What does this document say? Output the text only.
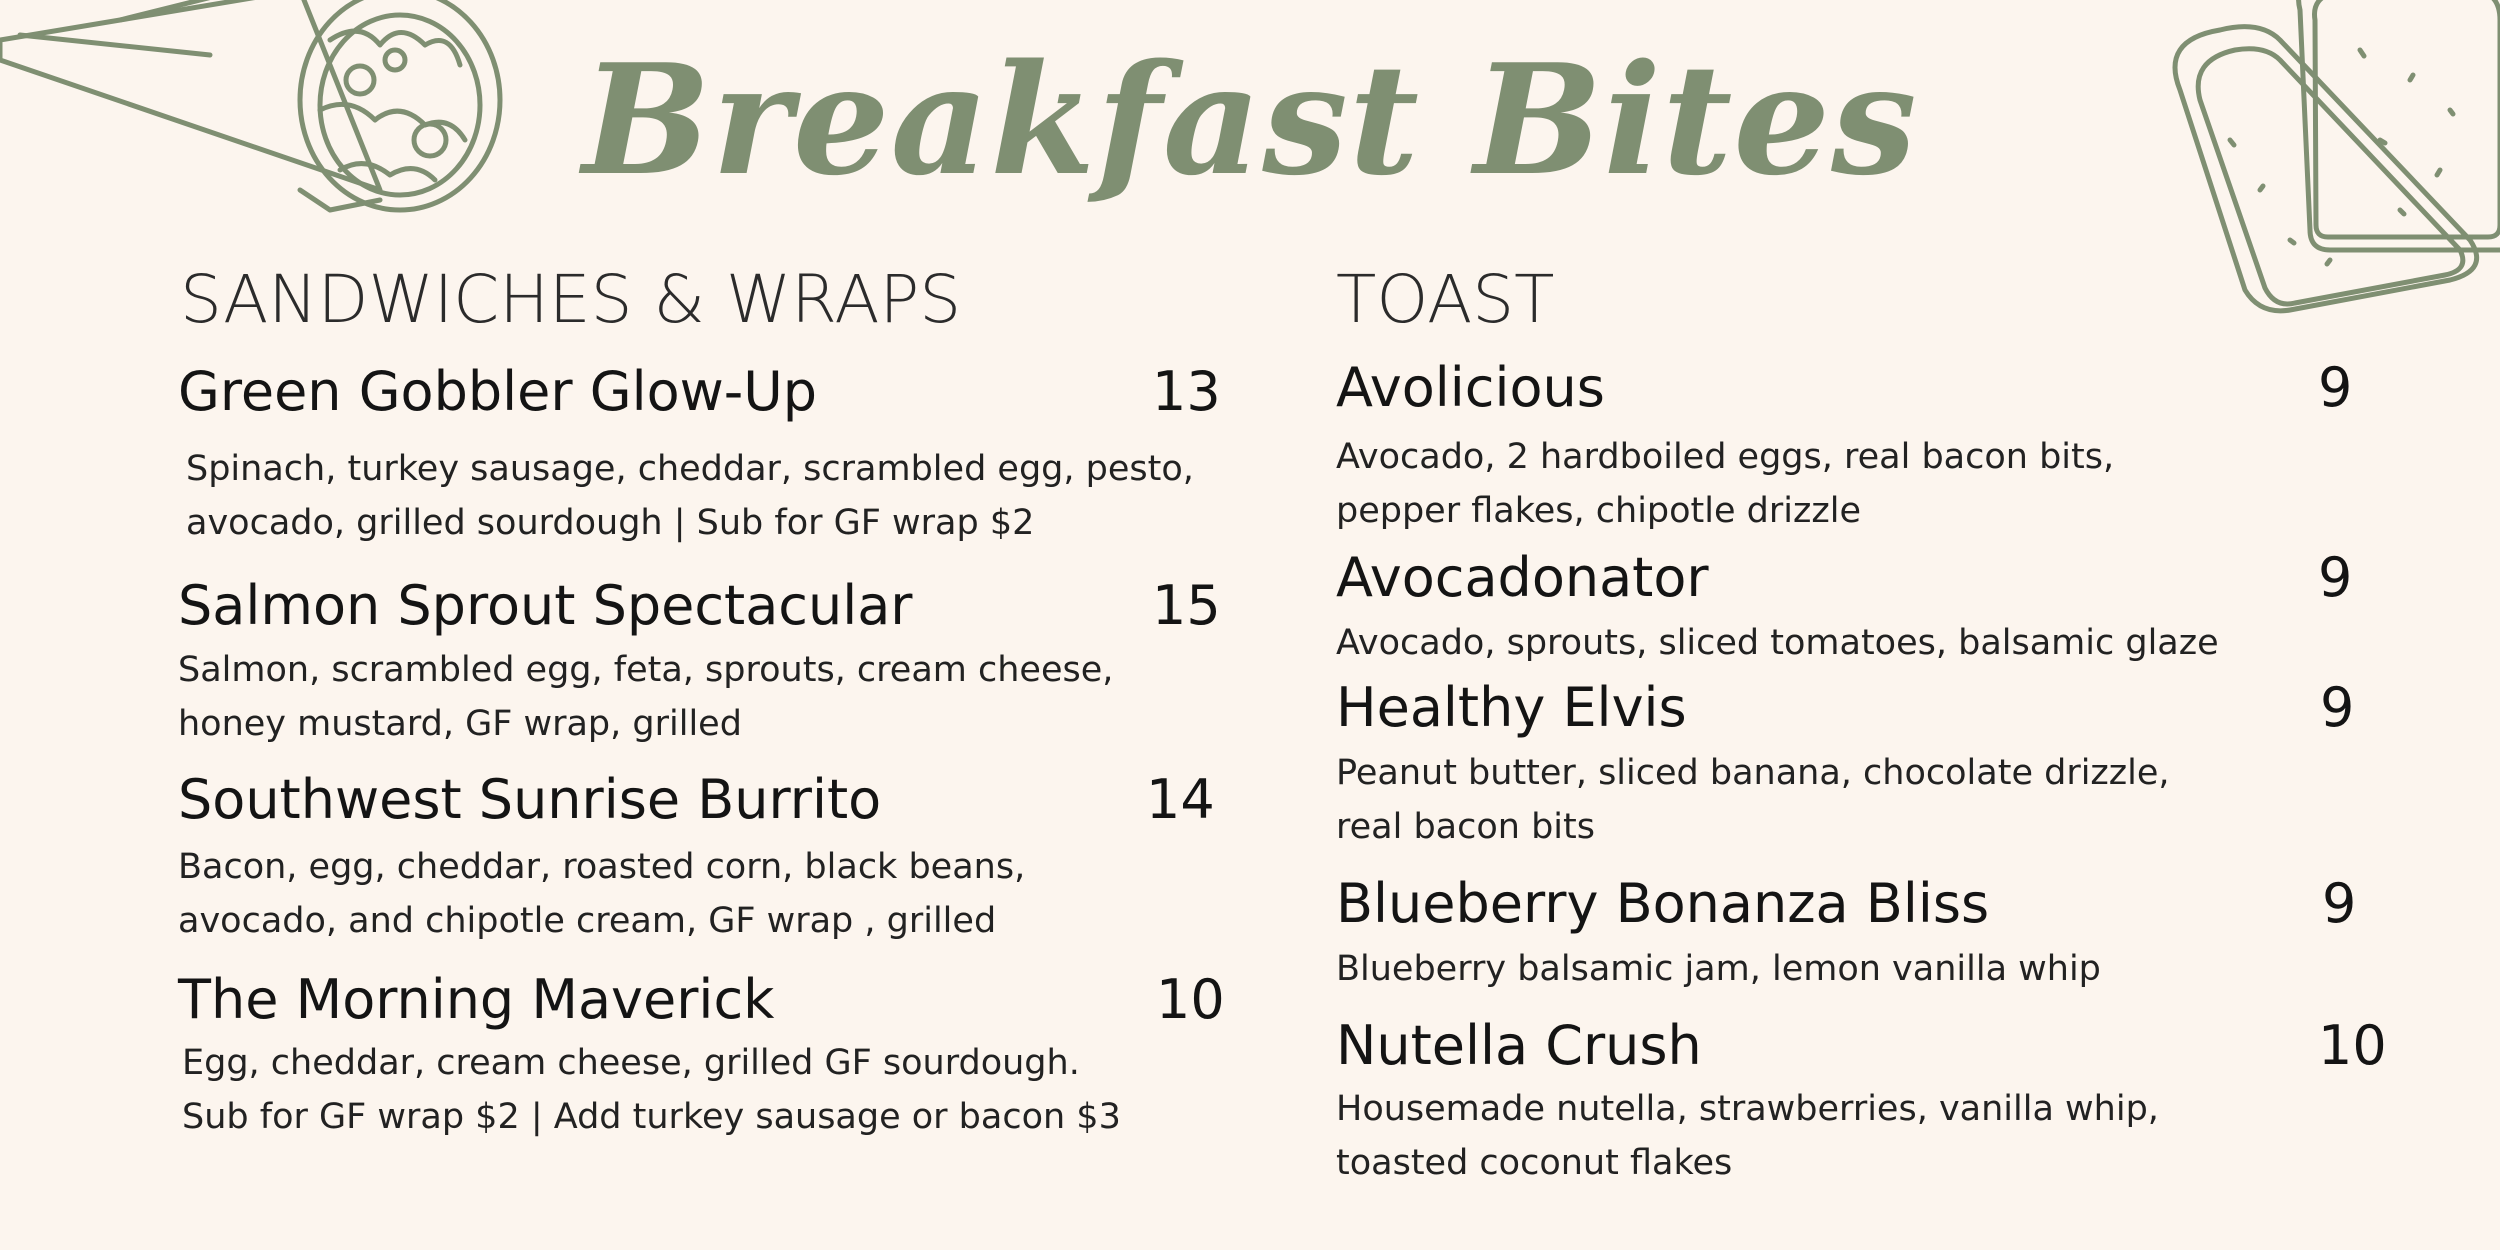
Breakfast Bites
SANDWICHES & WRAPS
Green Gobbler Glow-Up	13
Spinach, turkey sausage, cheddar, scrambled egg, pesto,
avocado, grilled sourdough | Sub for GF wrap $2
Salmon Sprout Spectacular	15
Salmon, scrambled egg, feta, sprouts, cream cheese,
honey mustard, GF wrap, grilled
Southwest Sunrise Burrito	14
Bacon, egg, cheddar, roasted corn, black beans,
avocado, and chipotle cream, GF wrap , grilled
The Morning Maverick	10
Egg, cheddar, cream cheese, grilled GF sourdough.
Sub for GF wrap $2 | Add turkey sausage or bacon $3
TOAST
Avolicious	9
Avocado, 2 hardboiled eggs, real bacon bits,
pepper flakes, chipotle drizzle
Avocadonator	9
Avocado, sprouts, sliced tomatoes, balsamic glaze
Healthy Elvis	9
Peanut butter, sliced banana, chocolate drizzle,
real bacon bits
Blueberry Bonanza Bliss	9
Blueberry balsamic jam, lemon vanilla whip
Nutella Crush	10
Housemade nutella, strawberries, vanilla whip,
toasted coconut flakes
